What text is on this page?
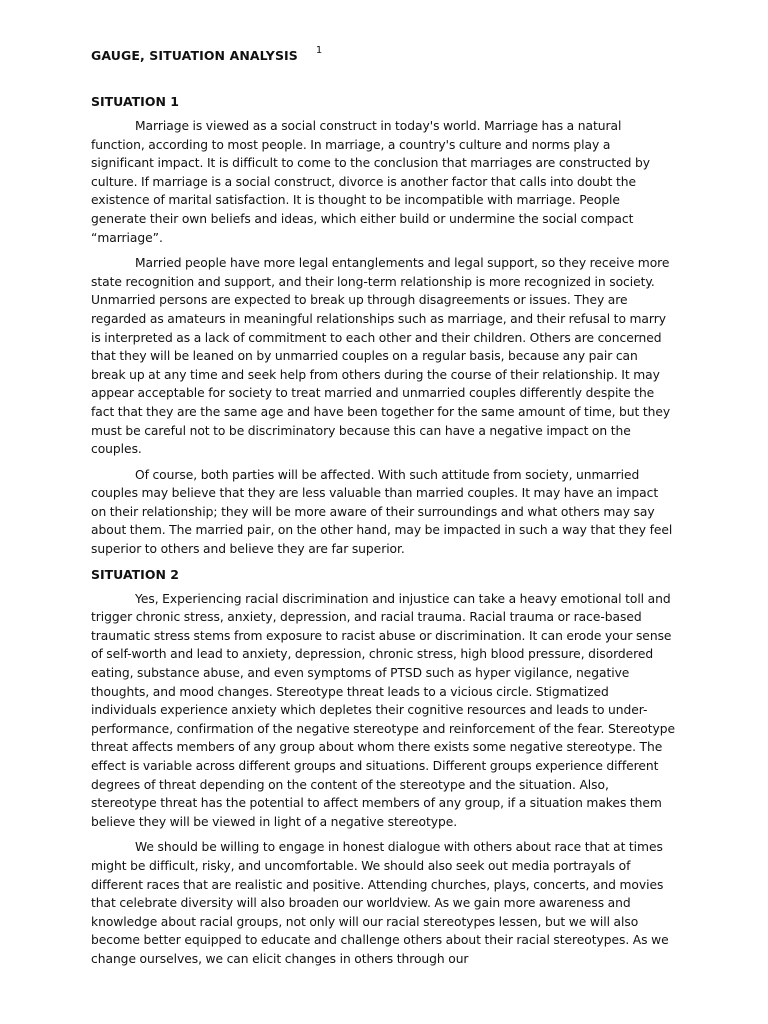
GAUGE, SITUATION ANALYSIS 1
SITUATION 1

Marriage is viewed as a social construct in today's world. Marriage has a natural function, according to most people. In marriage, a country's culture and norms play a significant impact. It is difficult to come to the conclusion that marriages are constructed by culture. If marriage is a social construct, divorce is another factor that calls into doubt the existence of marital satisfaction. It is thought to be incompatible with marriage. People generate their own beliefs and ideas, which either build or undermine the social compact “marriage”.

Married people have more legal entanglements and legal support, so they receive more state recognition and support, and their long-term relationship is more recognized in society. Unmarried persons are expected to break up through disagreements or issues. They are regarded as amateurs in meaningful relationships such as marriage, and their refusal to marry is interpreted as a lack of commitment to each other and their children. Others are concerned that they will be leaned on by unmarried couples on a regular basis, because any pair can break up at any time and seek help from others during the course of their relationship. It may appear acceptable for society to treat married and unmarried couples differently despite the fact that they are the same age and have been together for the same amount of time, but they must be careful not to be discriminatory because this can have a negative impact on the couples.

Of course, both parties will be affected. With such attitude from society, unmarried couples may believe that they are less valuable than married couples. It may have an impact on their relationship; they will be more aware of their surroundings and what others may say about them. The married pair, on the other hand, may be impacted in such a way that they feel superior to others and believe they are far superior.

SITUATION 2

Yes, Experiencing racial discrimination and injustice can take a heavy emotional toll and trigger chronic stress, anxiety, depression, and racial trauma. Racial trauma or race-based traumatic stress stems from exposure to racist abuse or discrimination. It can erode your sense of self-worth and lead to anxiety, depression, chronic stress, high blood pressure, disordered eating, substance abuse, and even symptoms of PTSD such as hyper vigilance, negative thoughts, and mood changes. Stereotype threat leads to a vicious circle. Stigmatized individuals experience anxiety which depletes their cognitive resources and leads to under-performance, confirmation of the negative stereotype and reinforcement of the fear. Stereotype threat affects members of any group about whom there exists some negative stereotype. The effect is variable across different groups and situations. Different groups experience different degrees of threat depending on the content of the stereotype and the situation. Also, stereotype threat has the potential to affect members of any group, if a situation makes them believe they will be viewed in light of a negative stereotype.

We should be willing to engage in honest dialogue with others about race that at times might be difficult, risky, and uncomfortable. We should also seek out media portrayals of different races that are realistic and positive. Attending churches, plays, concerts, and movies that celebrate diversity will also broaden our worldview. As we gain more awareness and knowledge about racial groups, not only will our racial stereotypes lessen, but we will also become better equipped to educate and challenge others about their racial stereotypes. As we change ourselves, we can elicit changes in others through our
